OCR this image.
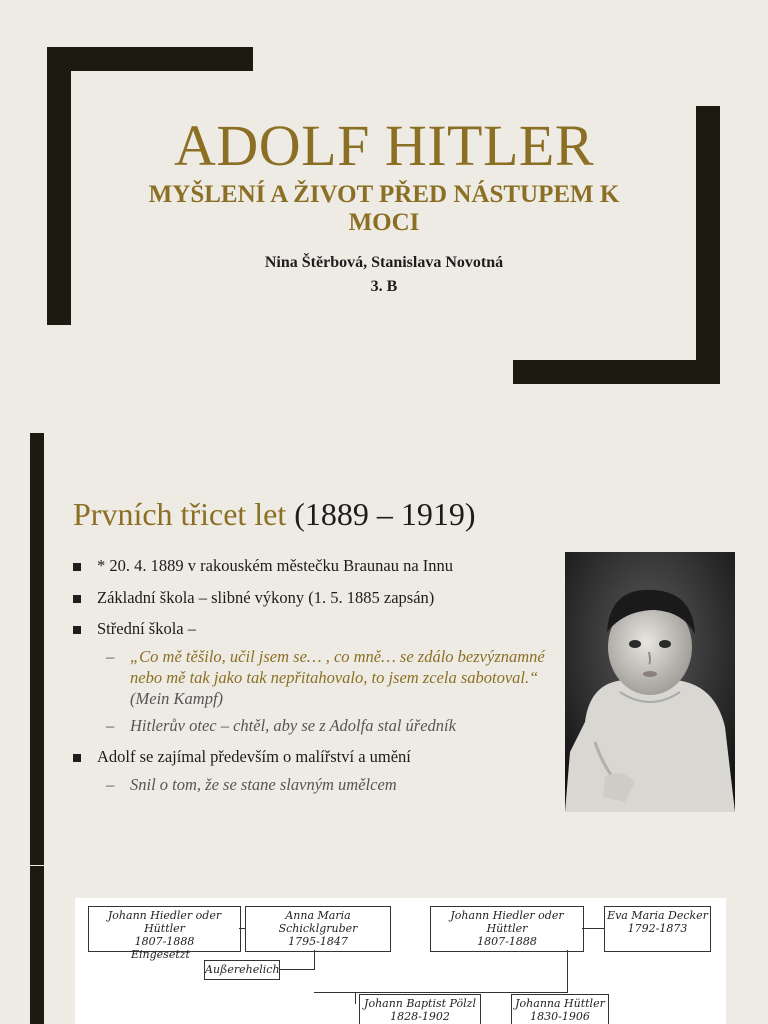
ADOLF HITLER
MYŠLENÍ A ŽIVOT PŘED NÁSTUPEM K MOCI
Nina Štěrbová, Stanislava Novotná
3. B
Prvních třicet let (1889 – 1919)
* 20. 4. 1889 v rakouském městečku Braunau na Innu
Základní škola – slibné výkony (1. 5. 1885 zapsán)
Střední škola –
– „Co mě těšilo, učil jsem se… , co mně… se zdálo bezvýznamné nebo mě tak jako tak nepřitahovalo, to jsem zcela sabotoval.“ (Mein Kampf)
– Hitlerův otec – chtěl, aby se z Adolfa stal úředník
Adolf se zajímal především o malířství a umění
– Snil o tom, že se stane slavným umělcem
Johann Hiedler oder Hüttler
1807-1888
Eingesetzt
Anna Maria Schicklgruber
1795-1847
Johann Hiedler oder Hüttler
1807-1888
Eva Maria Decker
1792-1873
Außerehelich
Johann Baptist Pölzl
1828-1902
Johanna Hüttler
1830-1906
